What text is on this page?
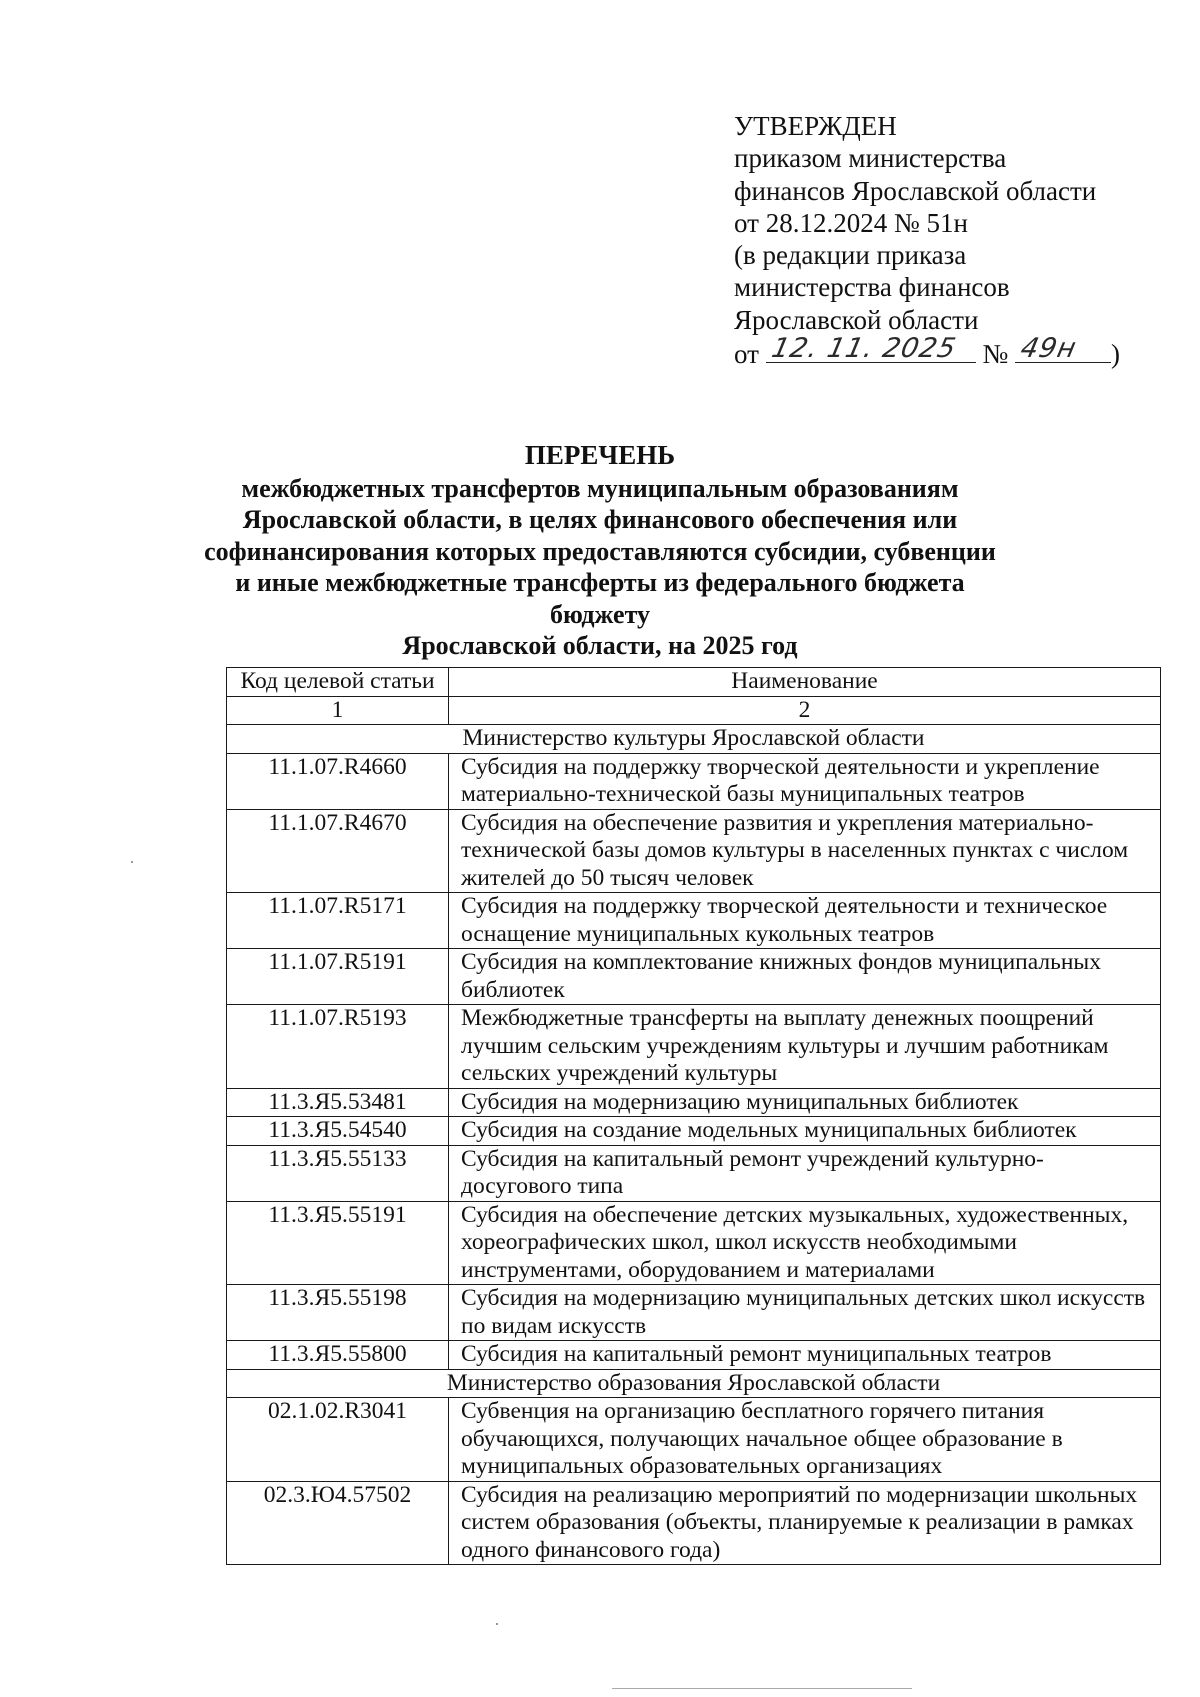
УТВЕРЖДЕН
приказом министерства
финансов Ярославской области
от 28.12.2024 № 51н
(в редакции приказа
министерства финансов
Ярославской области
от 12. 11. 2025 № 49н )
ПЕРЕЧЕНЬ
межбюджетных трансфертов муниципальным образованиям
Ярославской области, в целях финансового обеспечения или
софинансирования которых предоставляются субсидии, субвенции
и иные межбюджетные трансферты из федерального бюджета бюджету
Ярославской области, на 2025 год
Код целевой статьи	Наименование
1	2
Министерство культуры Ярославской области	
11.1.07.R4660	Субсидия на поддержку творческой деятельности и укрепление материально-технической базы муниципальных театров
11.1.07.R4670	Субсидия на обеспечение развития и укрепления материально-технической базы домов культуры в населенных пунктах с числом жителей до 50 тысяч человек
11.1.07.R5171	Субсидия на поддержку творческой деятельности и техническое оснащение муниципальных кукольных театров
11.1.07.R5191	Субсидия на комплектование книжных фондов муниципальных библиотек
11.1.07.R5193	Межбюджетные трансферты на выплату денежных поощрений лучшим сельским учреждениям культуры и лучшим работникам сельских учреждений культуры
11.3.Я5.53481	Субсидия на модернизацию муниципальных библиотек
11.3.Я5.54540	Субсидия на создание модельных муниципальных библиотек
11.3.Я5.55133	Субсидия на капитальный ремонт учреждений культурно-досугового типа
11.3.Я5.55191	Субсидия на обеспечение детских музыкальных, художественных, хореографических школ, школ искусств необходимыми инструментами, оборудованием и материалами
11.3.Я5.55198	Субсидия на модернизацию муниципальных детских школ искусств по видам искусств
11.3.Я5.55800	Субсидия на капитальный ремонт муниципальных театров
Министерство образования Ярославской области	
02.1.02.R3041	Субвенция на организацию бесплатного горячего питания обучающихся, получающих начальное общее образование в муниципальных образовательных организациях
02.3.Ю4.57502	Субсидия на реализацию мероприятий по модернизации школьных систем образования (объекты, планируемые к реализации в рамках одного финансового года)
